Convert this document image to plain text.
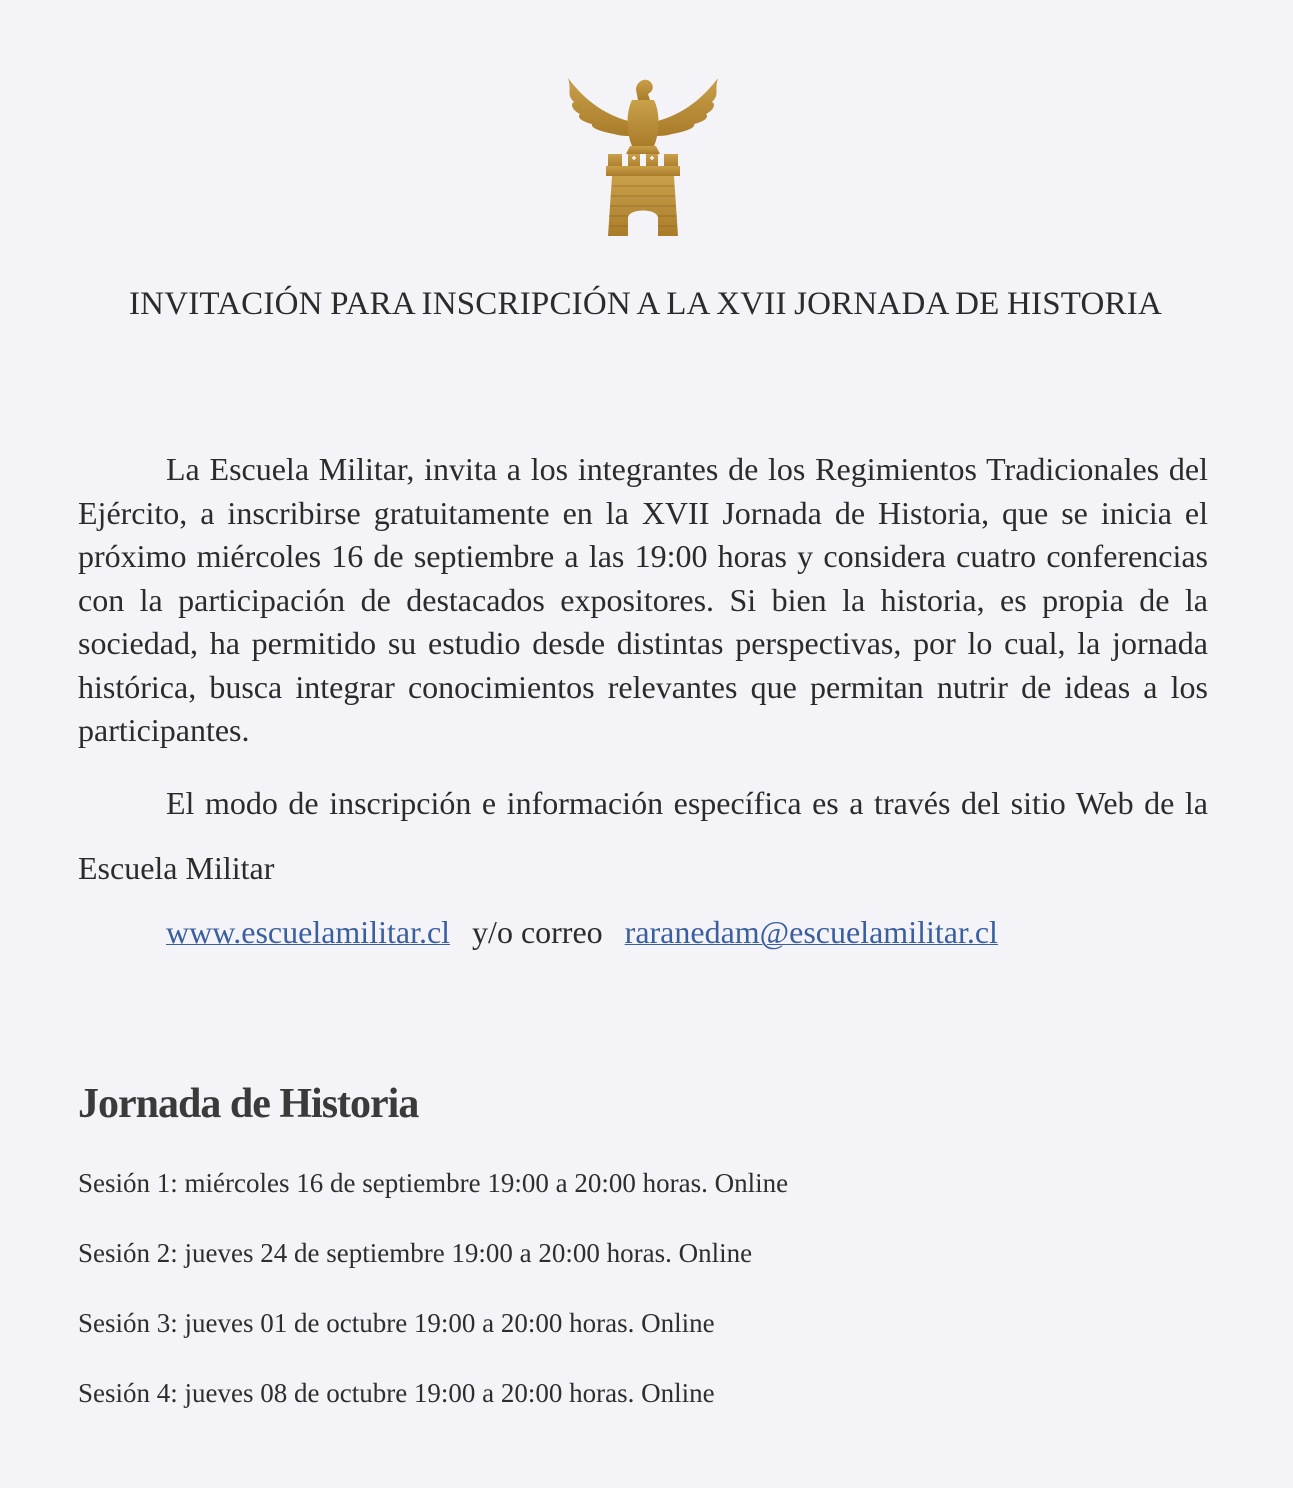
INVITACIÓN PARA INSCRIPCIÓN A LA XVII JORNADA DE HISTORIA

La Escuela Militar, invita a los integrantes de los Regimientos Tradicionales del Ejército, a inscribirse gratuitamente en la XVII Jornada de Historia, que se inicia el próximo miércoles 16 de septiembre a las 19:00 horas y considera cuatro conferencias con la participación de destacados expositores. Si bien la historia, es propia de la sociedad, ha permitido su estudio desde distintas perspectivas, por lo cual, la jornada histórica, busca integrar conocimientos relevantes que permitan nutrir de ideas a los participantes.

El modo de inscripción e información específica es a través del sitio Web de la Escuela Militar

www.escuelamilitar.cl y/o correo raranedam@escuelamilitar.cl
Jornada de Historia
Sesión 1: miércoles 16 de septiembre 19:00 a 20:00 horas. Online
Sesión 2: jueves 24 de septiembre 19:00 a 20:00 horas. Online
Sesión 3: jueves 01 de octubre 19:00 a 20:00 horas. Online
Sesión 4: jueves 08 de octubre 19:00 a 20:00 horas. Online
